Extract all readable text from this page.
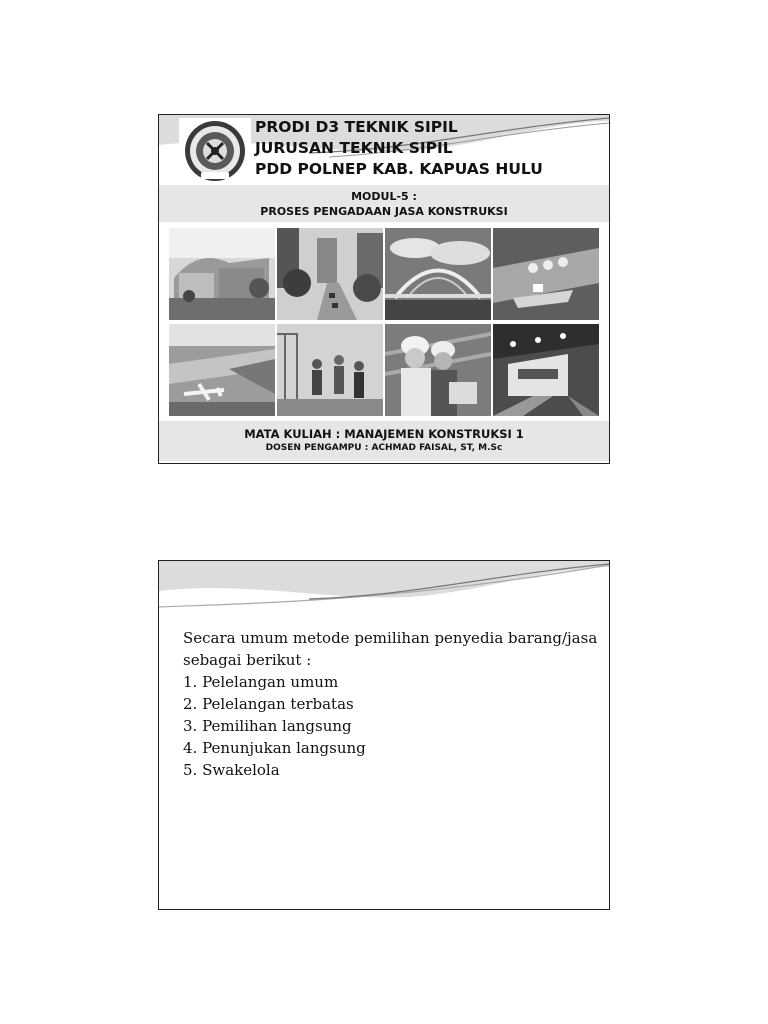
PRODI D3 TEKNIK SIPIL
JURUSAN TEKNIK SIPIL
PDD POLNEP KAB. KAPUAS HULU
MODUL-5 :
PROSES PENGADAAN JASA KONSTRUKSI
MATA KULIAH : MANAJEMEN KONSTRUKSI 1
DOSEN PENGAMPU : ACHMAD FAISAL, ST, M.Sc
Secara umum metode pemilihan penyedia barang/jasa
sebagai berikut :
1. Pelelangan umum
2. Pelelangan terbatas
3. Pemilihan langsung
4. Penunjukan langsung
5. Swakelola
